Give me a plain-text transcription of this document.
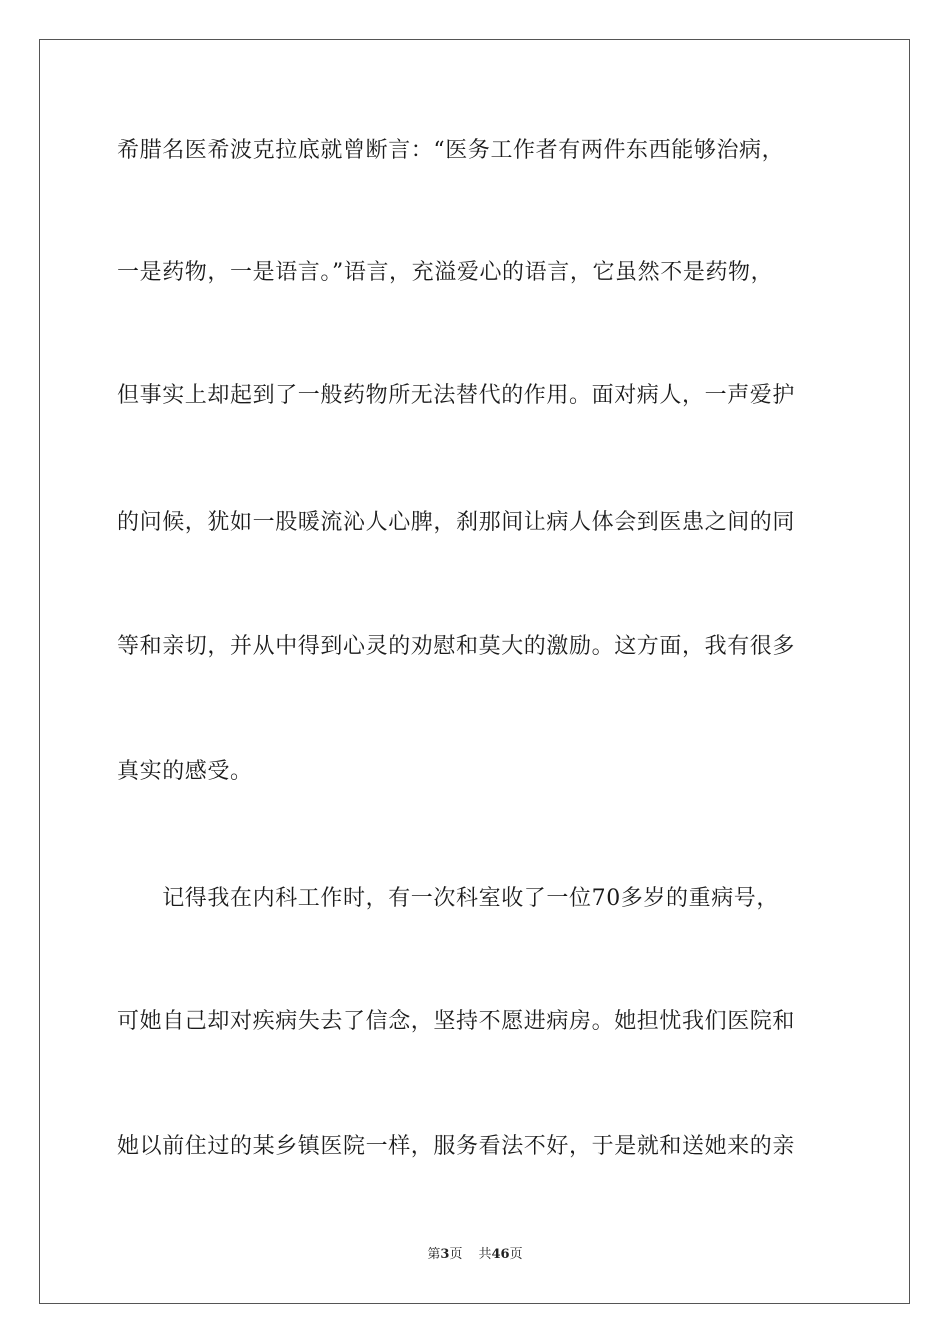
希腊名医希波克拉底就曾断言：“医务工作者有两件东西能够治病，
一是药物，一是语言。”语言，充溢爱心的语言，它虽然不是药物，
但事实上却起到了一般药物所无法替代的作用。面对病人，一声爱护
的问候，犹如一股暖流沁人心脾，刹那间让病人体会到医患之间的同
等和亲切，并从中得到心灵的劝慰和莫大的激励。这方面，我有很多
真实的感受。
　　记得我在内科工作时，有一次科室收了一位70多岁的重病号，
可她自己却对疾病失去了信念，坚持不愿进病房。她担忧我们医院和
她以前住过的某乡镇医院一样，服务看法不好，于是就和送她来的亲
第3页 共46页
